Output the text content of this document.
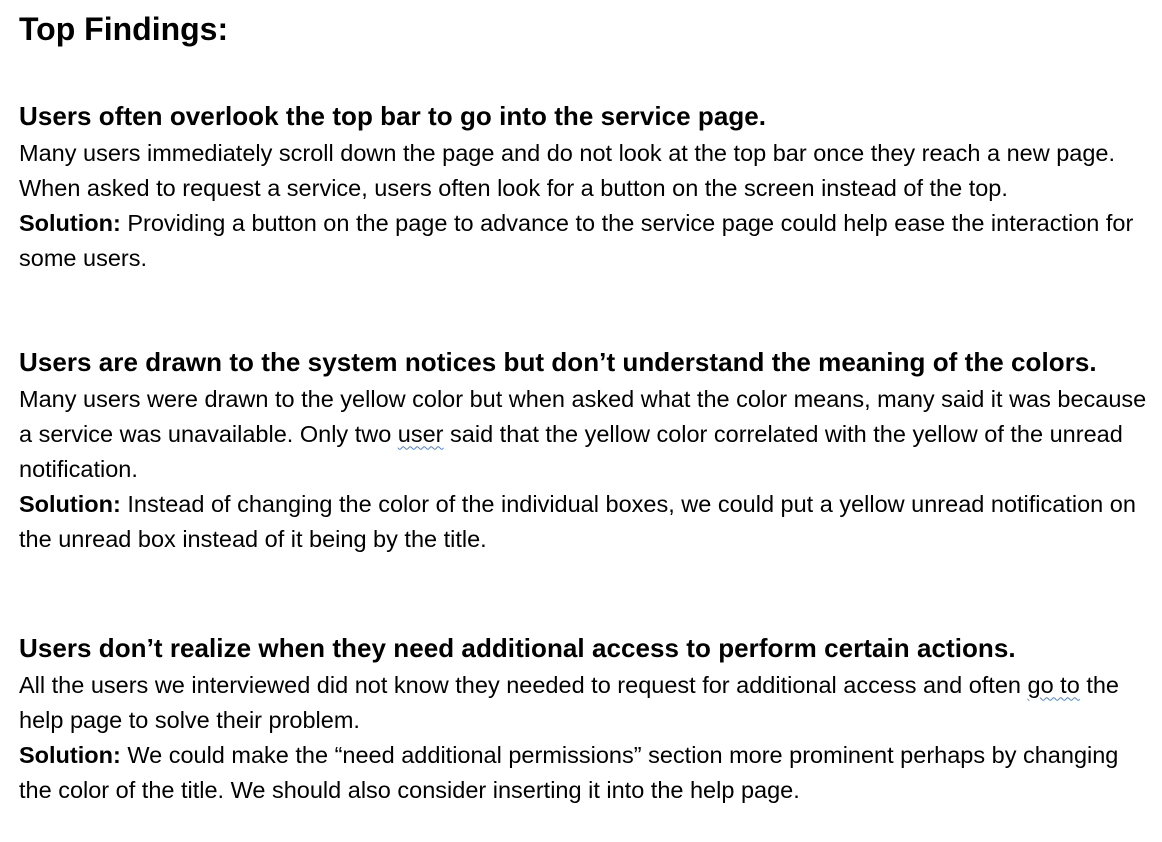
Top Findings:

Users often overlook the top bar to go into the service page.

Many users immediately scroll down the page and do not look at the top bar once they reach a new page. When asked to request a service, users often look for a button on the screen instead of the top.

Solution: Providing a button on the page to advance to the service page could help ease the interaction for some users.

Users are drawn to the system notices but don’t understand the meaning of the colors.

Many users were drawn to the yellow color but when asked what the color means, many said it was because a service was unavailable. Only two user said that the yellow color correlated with the yellow of the unread notification.

Solution: Instead of changing the color of the individual boxes, we could put a yellow unread notification on the unread box instead of it being by the title.

Users don’t realize when they need additional access to perform certain actions.

All the users we interviewed did not know they needed to request for additional access and often go to the help page to solve their problem.

Solution: We could make the “need additional permissions” section more prominent perhaps by changing the color of the title. We should also consider inserting it into the help page.
